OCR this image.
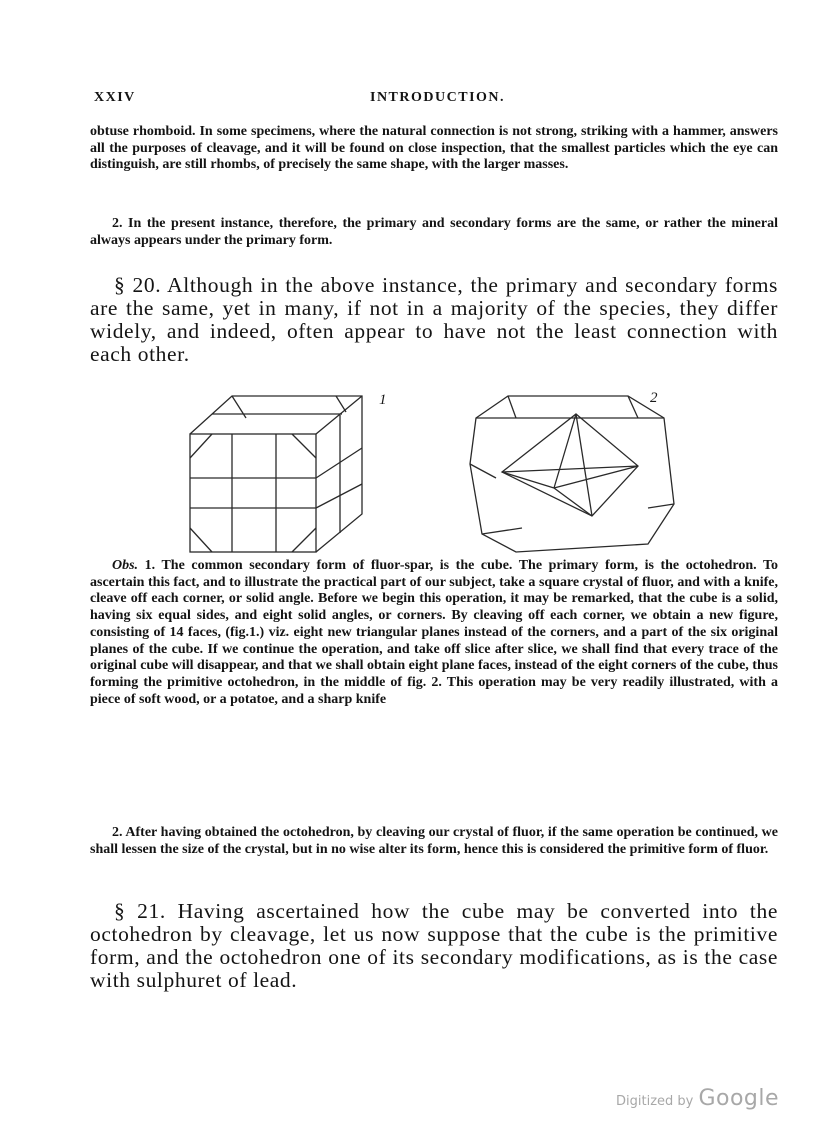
XXIV	INTRODUCTION.

obtuse rhomboid. In some specimens, where the natural connection is not strong, striking with a hammer, answers all the purposes of cleavage, and it will be found on close inspection, that the smallest particles which the eye can distinguish, are still rhombs, of precisely the same shape, with the larger masses.

2. In the present instance, therefore, the primary and secondary forms are the same, or rather the mineral always appears under the primary form.

§ 20. Although in the above instance, the primary and secondary forms are the same, yet in many, if not in a majority of the species, they differ widely, and indeed, often appear to have not the least connection with each other.

1	2

Obs. 1. The common secondary form of fluor-spar, is the cube. The primary form, is the octohedron. To ascertain this fact, and to illustrate the practical part of our subject, take a square crystal of fluor, and with a knife, cleave off each corner, or solid angle. Before we begin this operation, it may be remarked, that the cube is a solid, having six equal sides, and eight solid angles, or corners. By cleaving off each corner, we obtain a new figure, consisting of 14 faces, (fig.1.) viz. eight new triangular planes instead of the corners, and a part of the six original planes of the cube. If we continue the operation, and take off slice after slice, we shall find that every trace of the original cube will disappear, and that we shall obtain eight plane faces, instead of the eight corners of the cube, thus forming the primitive octohedron, in the middle of fig. 2. This operation may be very readily illustrated, with a piece of soft wood, or a potatoe, and a sharp knife

2. After having obtained the octohedron, by cleaving our crystal of fluor, if the same operation be continued, we shall lessen the size of the crystal, but in no wise alter its form, hence this is considered the primitive form of fluor.

§ 21. Having ascertained how the cube may be converted into the octohedron by cleavage, let us now suppose that the cube is the primitive form, and the octohedron one of its secondary modifications, as is the case with sulphuret of lead.

Digitized by Google
